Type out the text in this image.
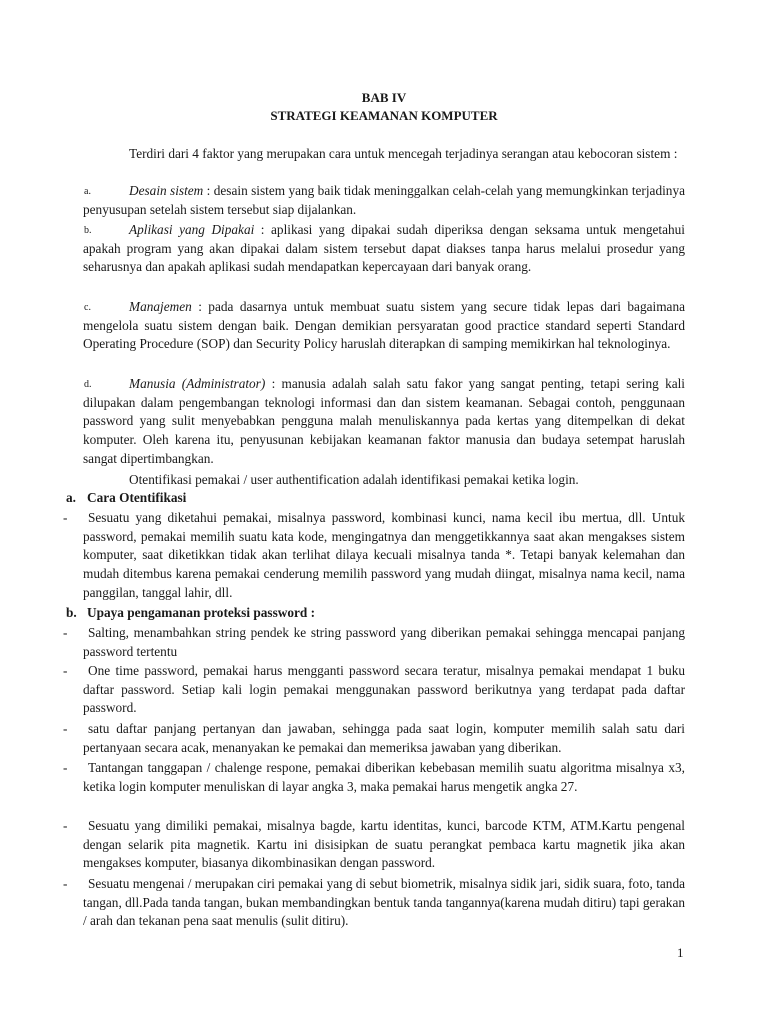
BAB IV
STRATEGI KEAMANAN KOMPUTER
Terdiri dari 4 faktor yang merupakan cara untuk mencegah terjadinya serangan atau kebocoran sistem :
a.	Desain sistem : desain sistem yang baik tidak meninggalkan celah-celah yang memungkinkan terjadinya penyusupan setelah sistem tersebut siap dijalankan.
b.	Aplikasi yang Dipakai : aplikasi yang dipakai sudah diperiksa dengan seksama untuk mengetahui apakah program yang akan dipakai dalam sistem tersebut dapat diakses tanpa harus melalui prosedur yang seharusnya dan apakah aplikasi sudah mendapatkan kepercayaan dari banyak orang.
c.	Manajemen : pada dasarnya untuk membuat suatu sistem yang secure tidak lepas dari bagaimana mengelola suatu sistem dengan baik. Dengan demikian persyaratan good practice standard seperti Standard Operating Procedure (SOP) dan Security Policy haruslah diterapkan di samping memikirkan hal teknologinya.
d.	Manusia (Administrator) : manusia adalah salah satu fakor yang sangat penting, tetapi sering kali dilupakan dalam pengembangan teknologi informasi dan dan sistem keamanan. Sebagai contoh, penggunaan password yang sulit menyebabkan pengguna malah menuliskannya pada kertas yang ditempelkan di dekat komputer. Oleh karena itu, penyusunan kebijakan keamanan faktor manusia dan budaya setempat haruslah sangat dipertimbangkan.
Otentifikasi pemakai / user authentification adalah identifikasi pemakai ketika login.
a. Cara Otentifikasi
-	Sesuatu yang diketahui pemakai, misalnya password, kombinasi kunci, nama kecil ibu mertua, dll. Untuk password, pemakai memilih suatu kata kode, mengingatnya dan menggetikkannya saat akan mengakses sistem komputer, saat diketikkan tidak akan terlihat dilaya kecuali misalnya tanda *. Tetapi banyak kelemahan dan mudah ditembus karena pemakai cenderung memilih password yang mudah diingat, misalnya nama kecil, nama panggilan, tanggal lahir, dll.
b. Upaya pengamanan proteksi password :
-	Salting, menambahkan string pendek ke string password yang diberikan pemakai sehingga mencapai panjang password tertentu
-	One time password, pemakai harus mengganti password secara teratur, misalnya pemakai mendapat 1 buku daftar password. Setiap kali login pemakai menggunakan password berikutnya yang terdapat pada daftar password.
-	satu daftar panjang pertanyan dan jawaban, sehingga pada saat login, komputer memilih salah satu dari pertanyaan secara acak, menanyakan ke pemakai dan memeriksa jawaban yang diberikan.
-	Tantangan tanggapan / chalenge respone, pemakai diberikan kebebasan memilih suatu algoritma misalnya x3, ketika login komputer menuliskan di layar angka 3, maka pemakai harus mengetik angka 27.
-	Sesuatu yang dimiliki pemakai, misalnya bagde, kartu identitas, kunci, barcode KTM, ATM.Kartu pengenal dengan selarik pita magnetik. Kartu ini disisipkan de suatu perangkat pembaca kartu magnetik jika akan mengakses komputer, biasanya dikombinasikan dengan password.
-	Sesuatu mengenai / merupakan ciri pemakai yang di sebut biometrik, misalnya sidik jari, sidik suara, foto, tanda tangan, dll.Pada tanda tangan, bukan membandingkan bentuk tanda tangannya(karena mudah ditiru) tapi gerakan / arah dan tekanan pena saat menulis (sulit ditiru).
1
